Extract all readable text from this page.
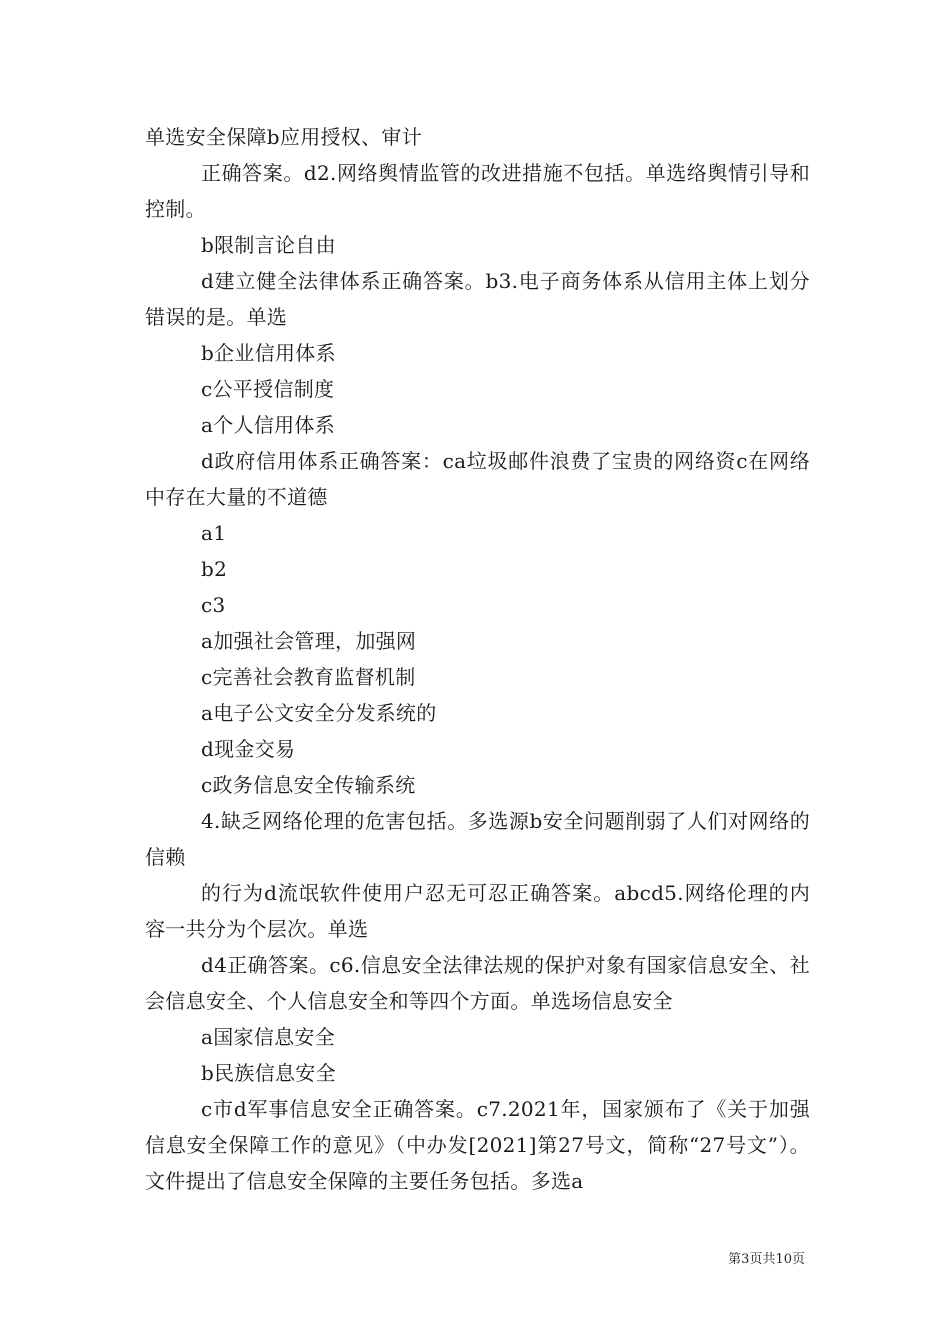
单选安全保障b应用授权、审计

正确答案。d2.网络舆情监管的改进措施不包括。单选络舆情引导和控制。

b限制言论自由

d建立健全法律体系正确答案。b3.电子商务体系从信用主体上划分错误的是。单选

b企业信用体系

c公平授信制度

a个人信用体系

d政府信用体系正确答案：ca垃圾邮件浪费了宝贵的网络资c在网络中存在大量的不道德

a1

b2

c3

a加强社会管理，加强网

c完善社会教育监督机制

a电子公文安全分发系统的

d现金交易

c政务信息安全传输系统

4.缺乏网络伦理的危害包括。多选源b安全问题削弱了人们对网络的信赖

的行为d流氓软件使用户忍无可忍正确答案。abcd5.网络伦理的内容一共分为个层次。单选

d4正确答案。c6.信息安全法律法规的保护对象有国家信息安全、社会信息安全、个人信息安全和等四个方面。单选场信息安全

a国家信息安全

b民族信息安全

c市d军事信息安全正确答案。c7.2021年，国家颁布了《关于加强信息安全保障工作的意见》（中办发[2021]第27号文，简称“27号文”）。文件提出了信息安全保障的主要任务包括。多选a

第3页共10页
